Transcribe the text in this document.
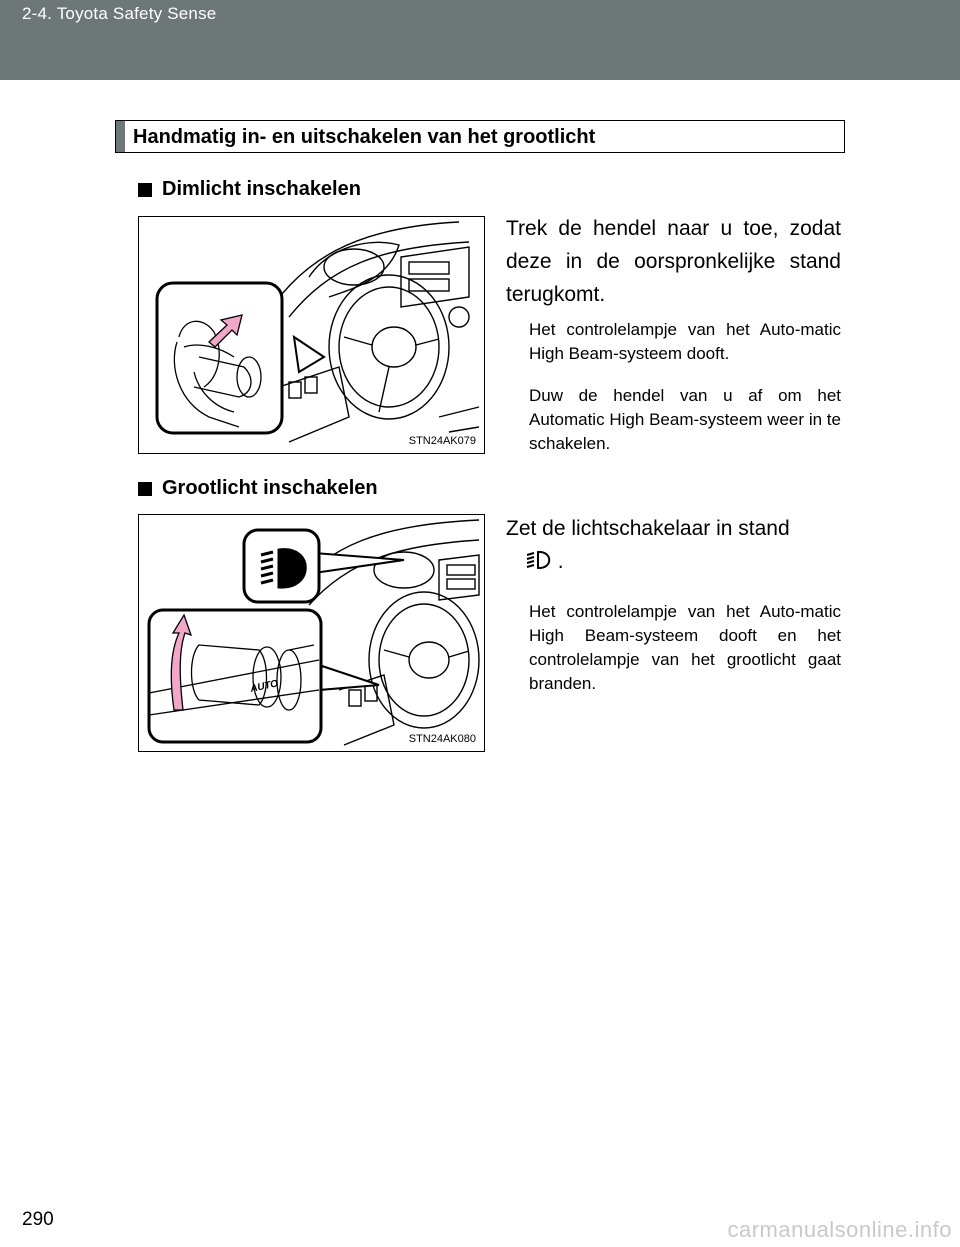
2-4. Toyota Safety Sense
Handmatig in- en uitschakelen van het grootlicht
Dimlicht inschakelen
STN24AK079
Trek de hendel naar u toe, zodat deze in de oorspronkelijke stand terugkomt.
Het controlelampje van het Auto-matic High Beam-systeem dooft.
Duw de hendel van u af om het Automatic High Beam-systeem weer in te schakelen.
Grootlicht inschakelen
AUTO
STN24AK080
Zet de lichtschakelaar in stand
.
Het controlelampje van het Auto-matic High Beam-systeem dooft en het controlelampje van het grootlicht gaat branden.
290	carmanualsonline.info
